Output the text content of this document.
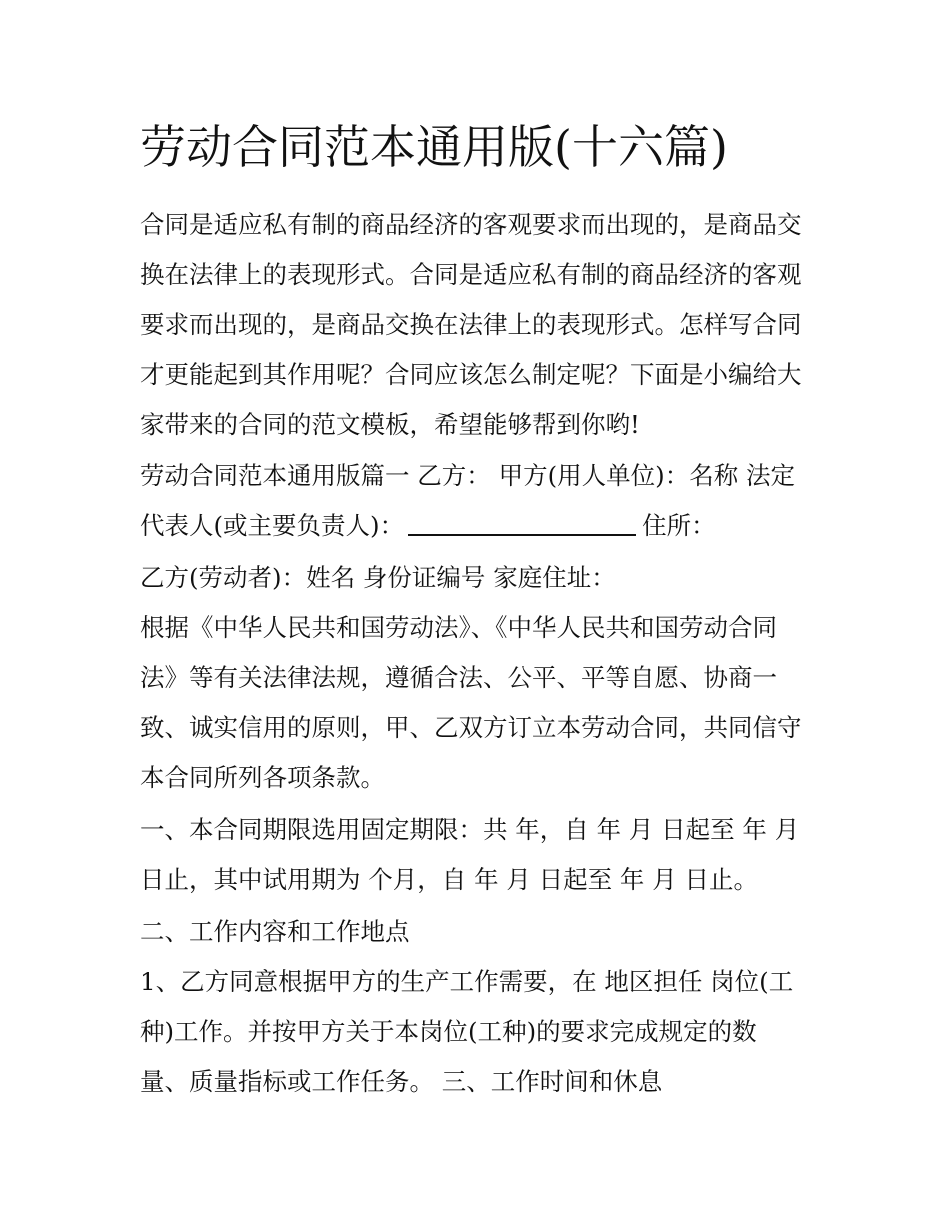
劳动合同范本通用版(十六篇)

合同是适应私有制的商品经济的客观要求而出现的，是商品交

换在法律上的表现形式。合同是适应私有制的商品经济的客观

要求而出现的，是商品交换在法律上的表现形式。怎样写合同

才更能起到其作用呢？合同应该怎么制定呢？下面是小编给大

家带来的合同的范文模板，希望能够帮到你哟!

劳动合同范本通用版篇一 乙方： 甲方(用人单位)：名称 法定

代表人(或主要负责人)：	住所：

乙方(劳动者)：姓名 身份证编号 家庭住址：

根据《中华人民共和国劳动法》、《中华人民共和国劳动合同

法》等有关法律法规，遵循合法、公平、平等自愿、协商一

致、诚实信用的原则，甲、乙双方订立本劳动合同，共同信守

本合同所列各项条款。

一、本合同期限选用固定期限：共 年，自 年 月 日起至 年 月

日止，其中试用期为 个月，自 年 月 日起至 年 月 日止。

二、工作内容和工作地点

1、乙方同意根据甲方的生产工作需要，在 地区担任 岗位(工

种)工作。并按甲方关于本岗位(工种)的要求完成规定的数

量、质量指标或工作任务。 三、工作时间和休息
